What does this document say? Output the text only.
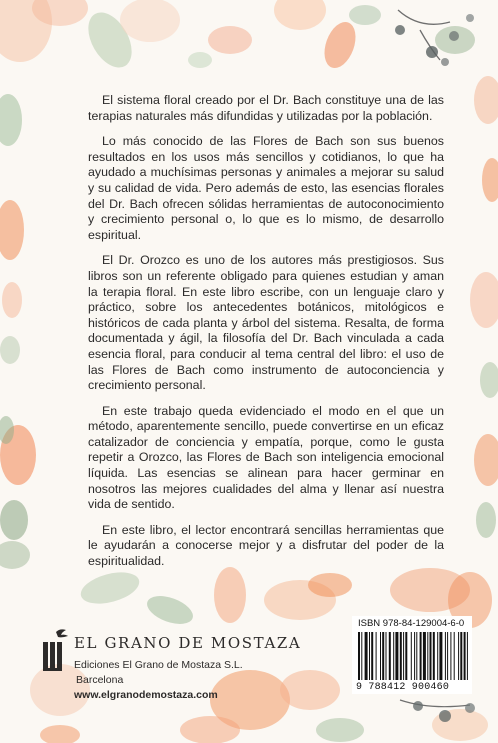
El sistema floral creado por el Dr. Bach constituye una de las terapias naturales más difundidas y utilizadas por la población.

Lo más conocido de las Flores de Bach son sus buenos resultados en los usos más sencillos y cotidianos, lo que ha ayudado a muchísimas personas y animales a mejorar su salud y su calidad de vida. Pero además de esto, las esencias florales del Dr. Bach ofrecen sólidas herramientas de autoconocimiento y crecimiento personal o, lo que es lo mismo, de desarrollo espiritual.

El Dr. Orozco es uno de los autores más prestigiosos. Sus libros son un referente obligado para quienes estudian y aman la terapia floral. En este libro escribe, con un lenguaje claro y práctico, sobre los antecedentes botánicos, mitológicos e históricos de cada planta y árbol del sistema. Resalta, de forma documentada y ágil, la filosofía del Dr. Bach vinculada a cada esencia floral, para conducir al tema central del libro: el uso de las Flores de Bach como instrumento de autoconciencia y crecimiento personal.

En este trabajo queda evidenciado el modo en el que un método, aparentemente sencillo, puede convertirse en un eficaz catalizador de conciencia y empatía, porque, como le gusta repetir a Orozco, las Flores de Bach son inteligencia emocional líquida. Las esencias se alinean para hacer germinar en nosotros las mejores cualidades del alma y llenar así nuestra vida de sentido.

En este libro, el lector encontrará sencillas herramientas que le ayudarán a conocerse mejor y a disfrutar del poder de la espiritualidad.

EL GRANO DE MOSTAZA
Ediciones El Grano de Mostaza S.L.
Barcelona
www.elgranodemostaza.com
ISBN 978-84-129004-6-0
9 788412 900460
